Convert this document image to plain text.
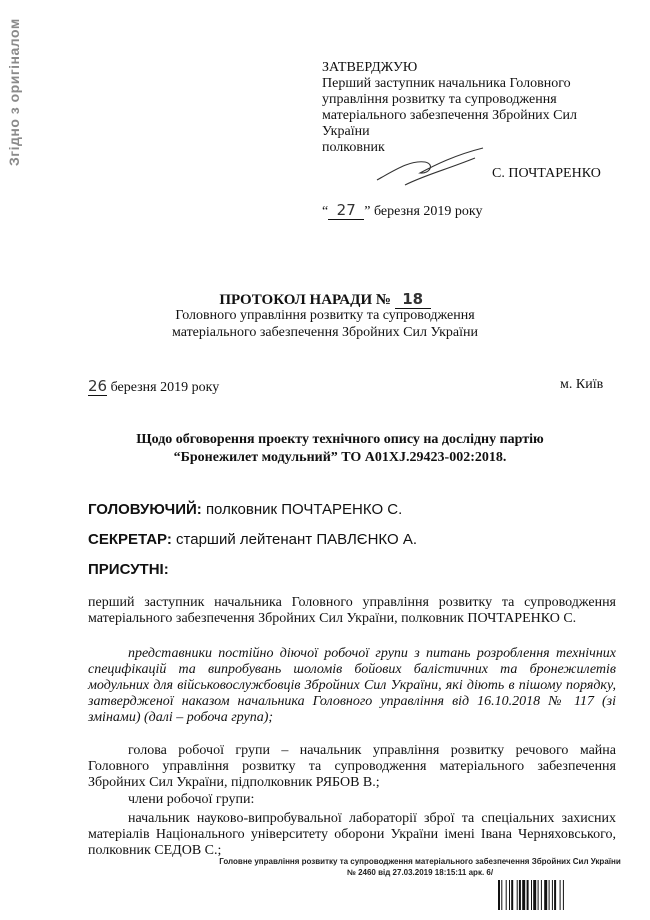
Згідно з оригіналом	ЗАТВЕРДЖУЮ
Перший заступник начальника Головного
управління розвитку та супроводження
матеріального забезпечення Збройних Сил
України
полковник
С. ПОЧТАРЕНКО
“ 27 ” березня 2019 року
ПРОТОКОЛ НАРАДИ № 18
Головного управління розвитку та супроводження
матеріального забезпечення Збройних Сил України
26 березня 2019 року	м. Київ
Щодо обговорення проекту технічного опису на дослідну партію
“Бронежилет модульний” ТО А01ХJ.29423-002:2018.
ГОЛОВУЮЧИЙ: полковник ПОЧТАРЕНКО С.
СЕКРЕТАР: старший лейтенант ПАВЛЄНКО А.
ПРИСУТНІ:
перший заступник начальника Головного управління розвитку та супроводження матеріального забезпечення Збройних Сил України, полковник ПОЧТАРЕНКО С.
представники постійно діючої робочої групи з питань розроблення технічних специфікацій та випробувань шоломів бойових балістичних та бронежилетів модульних для військовослужбовців Збройних Сил України, які діють в пішому порядку, затвердженої наказом начальника Головного управління від 16.10.2018 № 117 (зі змінами) (далі – робоча група);
голова робочої групи – начальник управління розвитку речового майна Головного управління розвитку та супроводження матеріального забезпечення Збройних Сил України, підполковник РЯБОВ В.;
члени робочої групи:
начальник науково-випробувальної лабораторії зброї та спеціальних захисних матеріалів Національного університету оборони України імені Івана Черняховського, полковник СЕДОВ С.;
Головне управління розвитку та супроводження матеріального забезпечення Збройних Сил України
№ 2460 від 27.03.2019 18:15:11 арк. 6/
